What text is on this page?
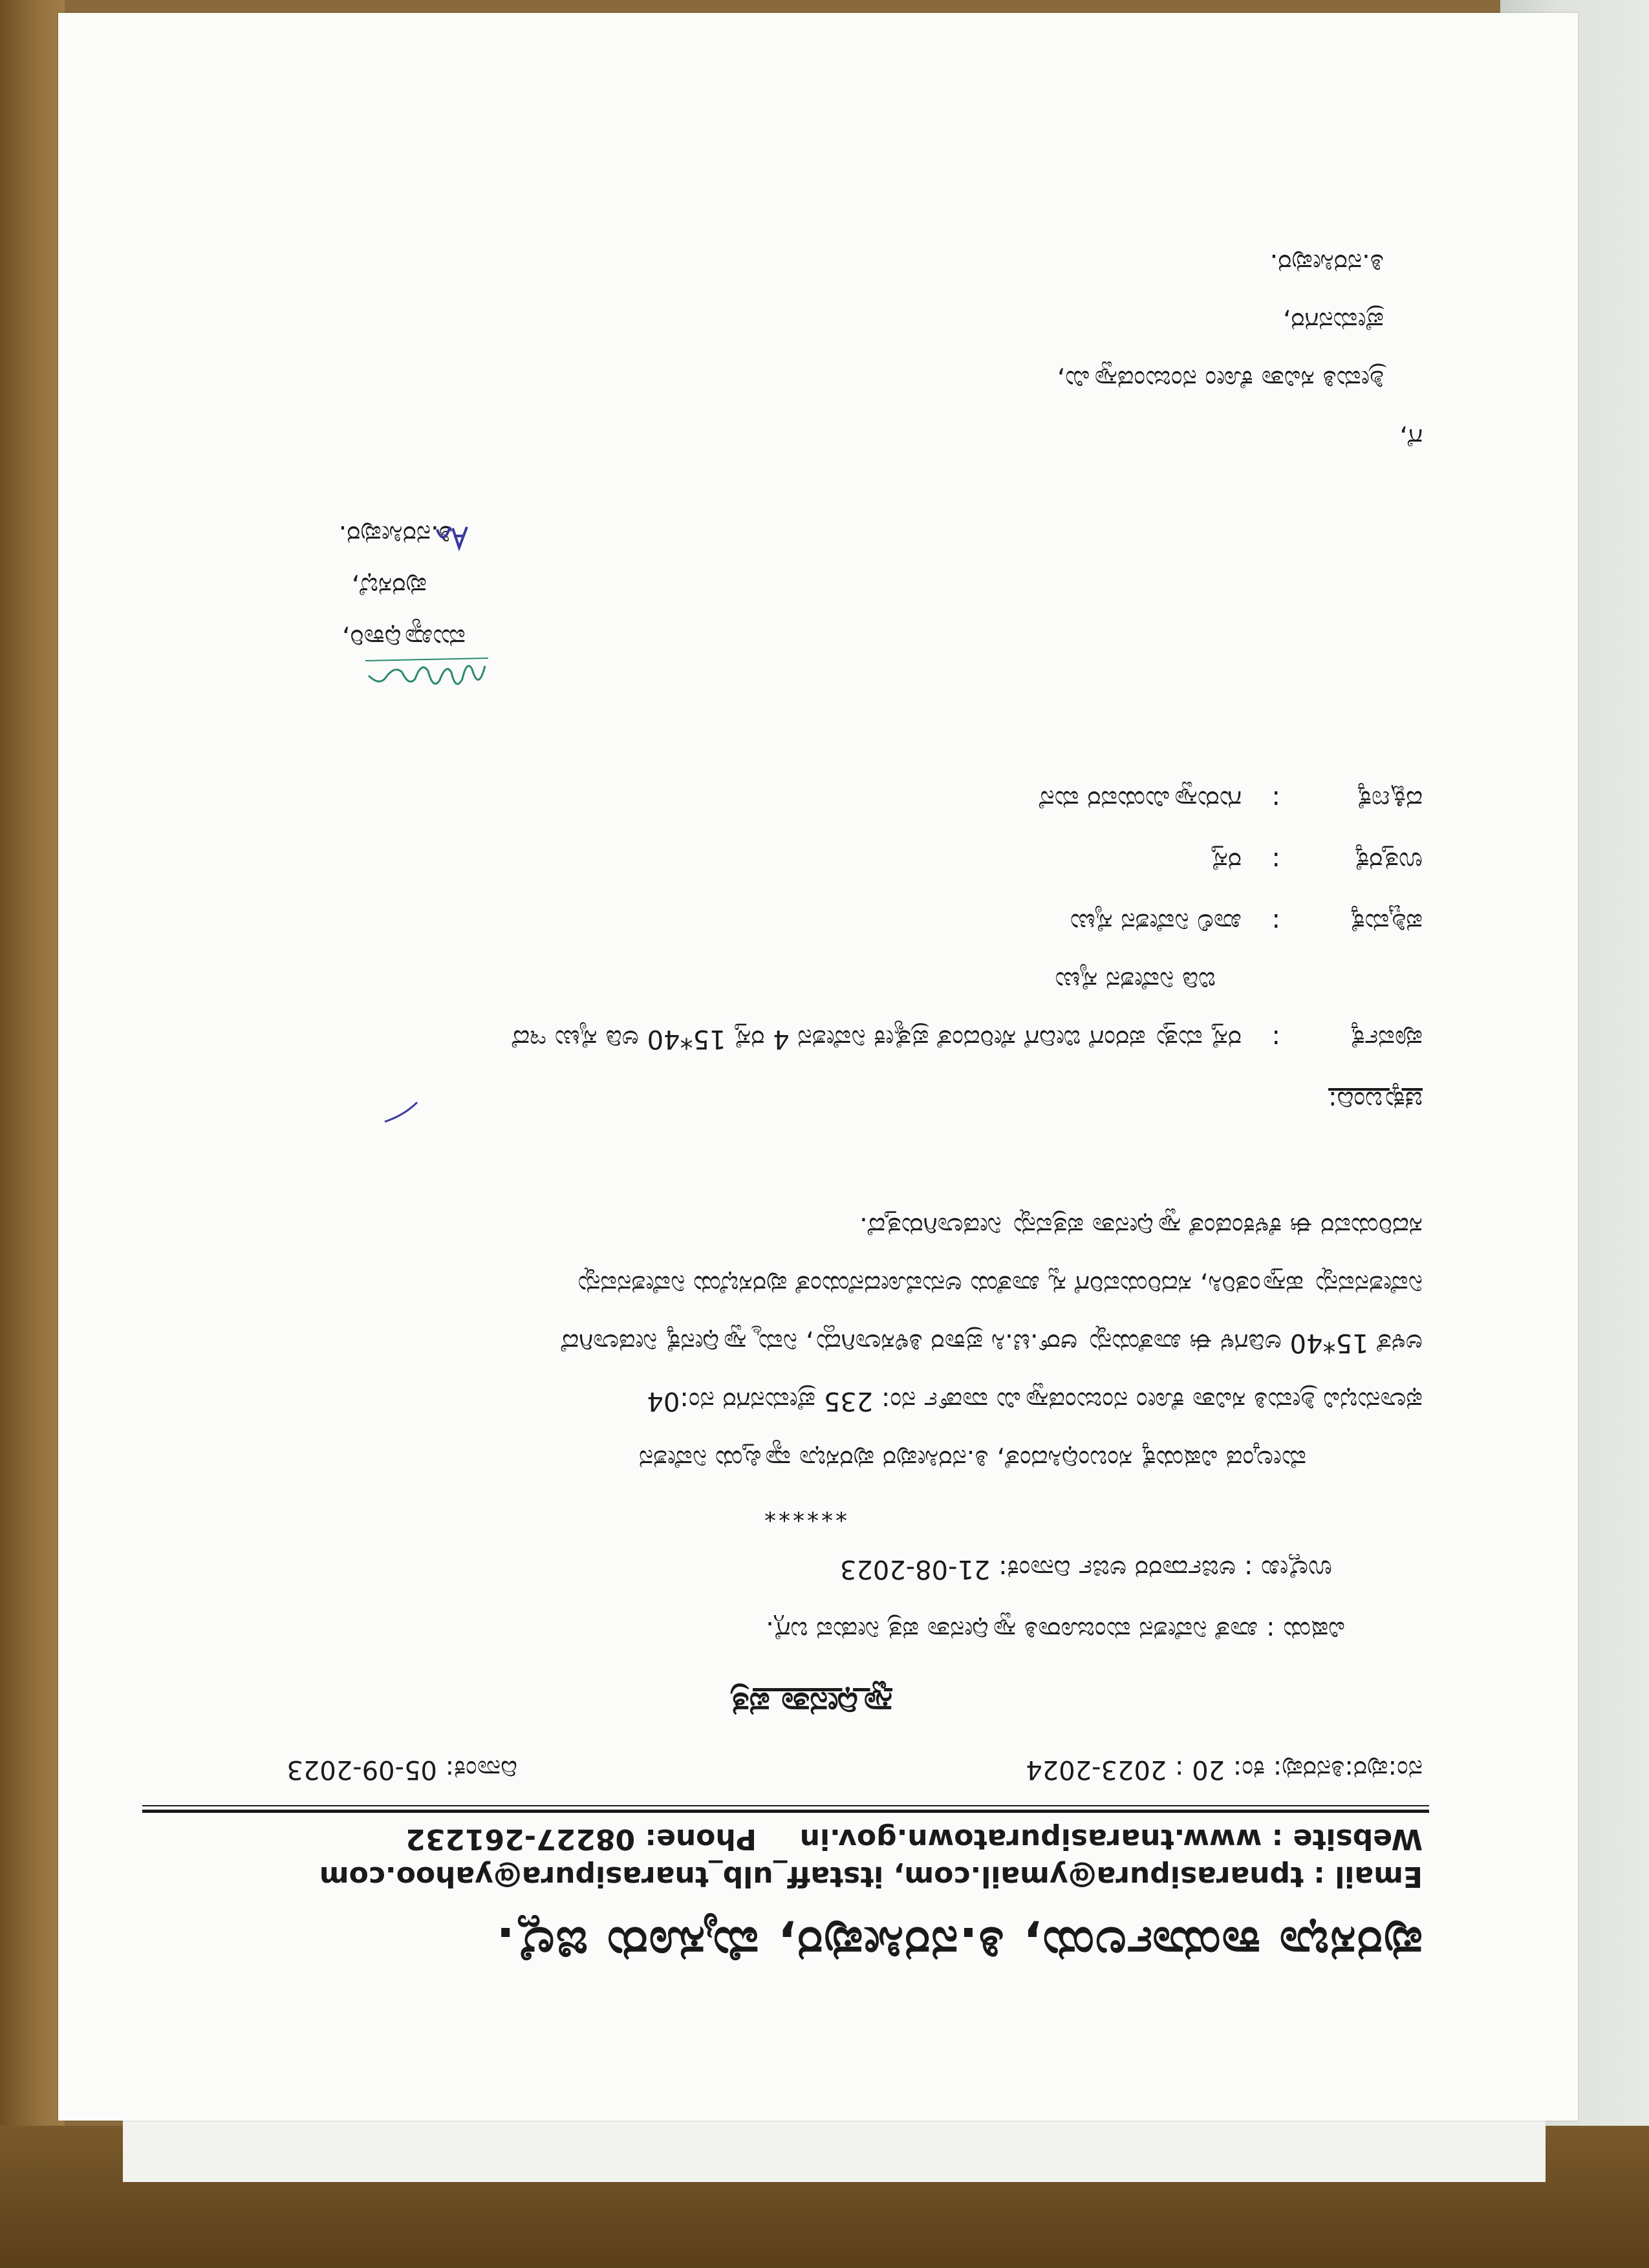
ಪುರಸಭಾ ಕಾರ್ಯಾಲಯ, ತಿ.ನರಸೀಪುರ, ಮೈಸೂರು ಜಿಲ್ಲೆ.
Email : tpnarasipura@ymail.com, itstaff_ulb_tnarasipura@yahoo.com
Website : www.tnarasipuratown.gov.in
Phone: 08227-261232
ನಂ:ಪುರ:ತಿನರಪು: ಕಂ: 20 : 2023-2024
ದಿನಾಂಕ: 05-09-2023
ಸ್ವಾಧೀನತಾ ಪತ್ರ
ವಿಷಯ : ಖಾತೆ ನಿವೇಶನ ಮಂಜೂರಾತಿ ಸ್ವಾಧೀನತಾ ಪತ್ರ ನೀಡುವ ಬಗ್ಗೆ.
ಉಲ್ಲೇಖ : ಅರ್ಜಿದಾರರ ಅರ್ಜಿ ದಿನಾಂಕ: 21-08-2023
******
ಮೇಲ್ಕಂಡ ವಿಷಯಕ್ಕೆ ಸಂಬಂಧಿಸಿದಂತೆ, ತಿ.ನರಸೀಪುರ ಪುರಸಭಾ ವ್ಯಾಪ್ತಿಯ ನಿವೇಶನ
ಫಲಾನುಭವಿ ಶ್ರೀಮತಿ ಸವಿತಾ ಕೋಂ ನಂಜುಂಡಸ್ವಾಮಿ ವಾರ್ಡ್ ನಂ: 235 ಪ್ರೇಮನಗರ ನಂ:04
ಅಳತೆ 15*40 ಅಡಿಗಳ ಈ ಖಾತೆಯನ್ನು ಆರ್.ಟಿ.ಸಿ ಪ್ರಕಾರ ತಿಳಿಸಲಾಗಿದ್ದು, ನಿಮ್ಮ ಸ್ವಾಧೀನಕ್ಕೆ ನೀಡಲಾಗಿದೆ
ನಿವೇಶನವನ್ನು ಹಸ್ತಾಂತರಿಸಿ, ಸದರಿಯವರಿಗೆ ಸ್ವ ಖಾತೆಯ ಅನುಮೋದನೆಯಂತೆ ಪುರಸಭೆಯ ನಿವೇಶನವನ್ನು
ಸದರಿಯವರ ಈ ಕೆಳಕಂಡಂತೆ ಸ್ವಾಧೀನತಾ ಪತ್ರವನ್ನು ನೀಡಲಾಗಿರುತ್ತದೆ.
ಚಕ್ಕುಬಂದಿ:
ಪೂರ್ವಕ್ಕೆ
:
ರಸ್ತೆ ಮತ್ತು ಪರಂಗೆ ಬೀದಿಗೆ ಸೇರಿದಂತೆ ಪ್ರತ್ಯೇಕ ನಿವೇಶನ 4 ರಸ್ತೆ 15*40 ಅಡಿ ಸೈಟು ಇದೆ
ಬಿಡಿ ನಿವೇಶನ ಸೈಟು
ಪಶ್ಚಿಮಕ್ಕೆ
:
ಖಾಲಿ ನಿವೇಶನ ಸೈಟು
ಉತ್ತರಕ್ಕೆ
:
ರಸ್ತೆ
ದಕ್ಷಿಣಕ್ಕೆ
:
ಗುರುಸ್ವಾಮಿಯವರ ಮನೆ
ಮುಖ್ಯಾಧಿಕಾರಿ,
ಪುರಸಭೆ,
ತಿ.ನರಸೀಪುರ.
ಗೆ,
ಶ್ರೀಮತಿ ಸವಿತಾ ಕೋಂ ನಂಜುಂಡಸ್ವಾಮಿ,
ಪ್ರೇಮನಗರ,
ತಿ.ನರಸೀಪುರ.
